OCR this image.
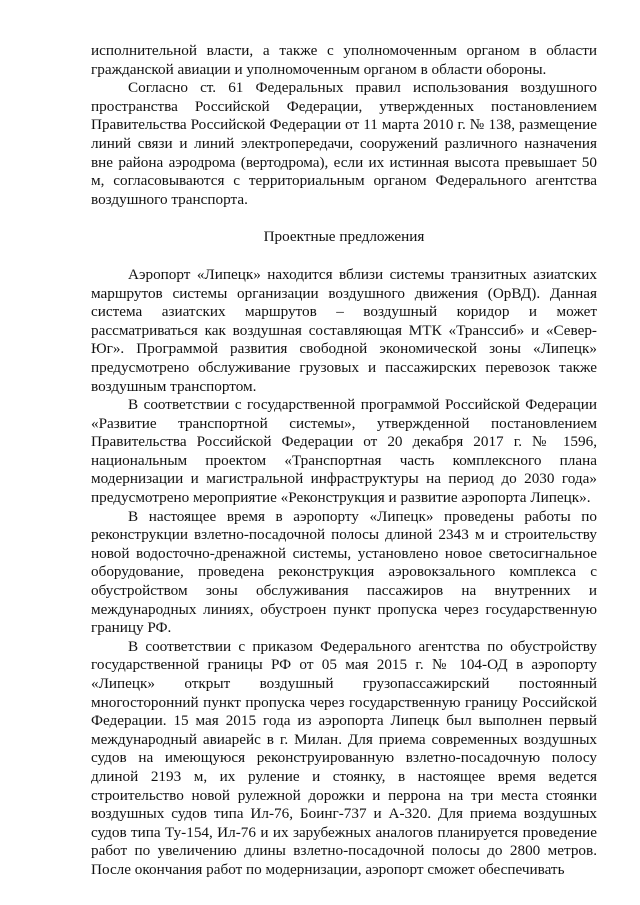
исполнительной власти, а также с уполномоченным органом в области гражданской авиации и уполномоченным органом в области обороны.

Согласно ст. 61 Федеральных правил использования воздушного пространства Российской Федерации, утвержденных постановлением Правительства Российской Федерации от 11 марта 2010 г. № 138, размещение линий связи и линий электропередачи, сооружений различного назначения вне района аэродрома (вертодрома), если их истинная высота превышает 50 м, согласовываются с территориальным органом Федерального агентства воздушного транспорта.

Проектные предложения

Аэропорт «Липецк» находится вблизи системы транзитных азиатских маршрутов системы организации воздушного движения (ОрВД). Данная система азиатских маршрутов – воздушный коридор и может рассматриваться как воздушная составляющая МТК «Транссиб» и «Север-Юг». Программой развития свободной экономической зоны «Липецк» предусмотрено обслуживание грузовых и пассажирских перевозок также воздушным транспортом.

В соответствии с государственной программой Российской Федерации «Развитие транспортной системы», утвержденной постановлением Правительства Российской Федерации от 20 декабря 2017 г. № 1596, национальным проектом «Транспортная часть комплексного плана модернизации и магистральной инфраструктуры на период до 2030 года» предусмотрено мероприятие «Реконструкция и развитие аэропорта Липецк».

В настоящее время в аэропорту «Липецк» проведены работы по реконструкции взлетно-посадочной полосы длиной 2343 м и строительству новой водосточно-дренажной системы, установлено новое светосигнальное оборудование, проведена реконструкция аэровокзального комплекса с обустройством зоны обслуживания пассажиров на внутренних и международных линиях, обустроен пункт пропуска через государственную границу РФ.

В соответствии с приказом Федерального агентства по обустройству государственной границы РФ от 05 мая 2015 г. № 104-ОД в аэропорту «Липецк» открыт воздушный грузопассажирский постоянный многосторонний пункт пропуска через государственную границу Российской Федерации. 15 мая 2015 года из аэропорта Липецк был выполнен первый международный авиарейс в г. Милан. Для приема современных воздушных судов на имеющуюся реконструированную взлетно-посадочную полосу длиной 2193 м, их руление и стоянку, в настоящее время ведется строительство новой рулежной дорожки и перрона на три места стоянки воздушных судов типа Ил-76, Боинг-737 и А-320. Для приема воздушных судов типа Ту-154, Ил-76 и их зарубежных аналогов планируется проведение работ по увеличению длины взлетно-посадочной полосы до 2800 метров. После окончания работ по модернизации, аэропорт сможет обеспечивать
